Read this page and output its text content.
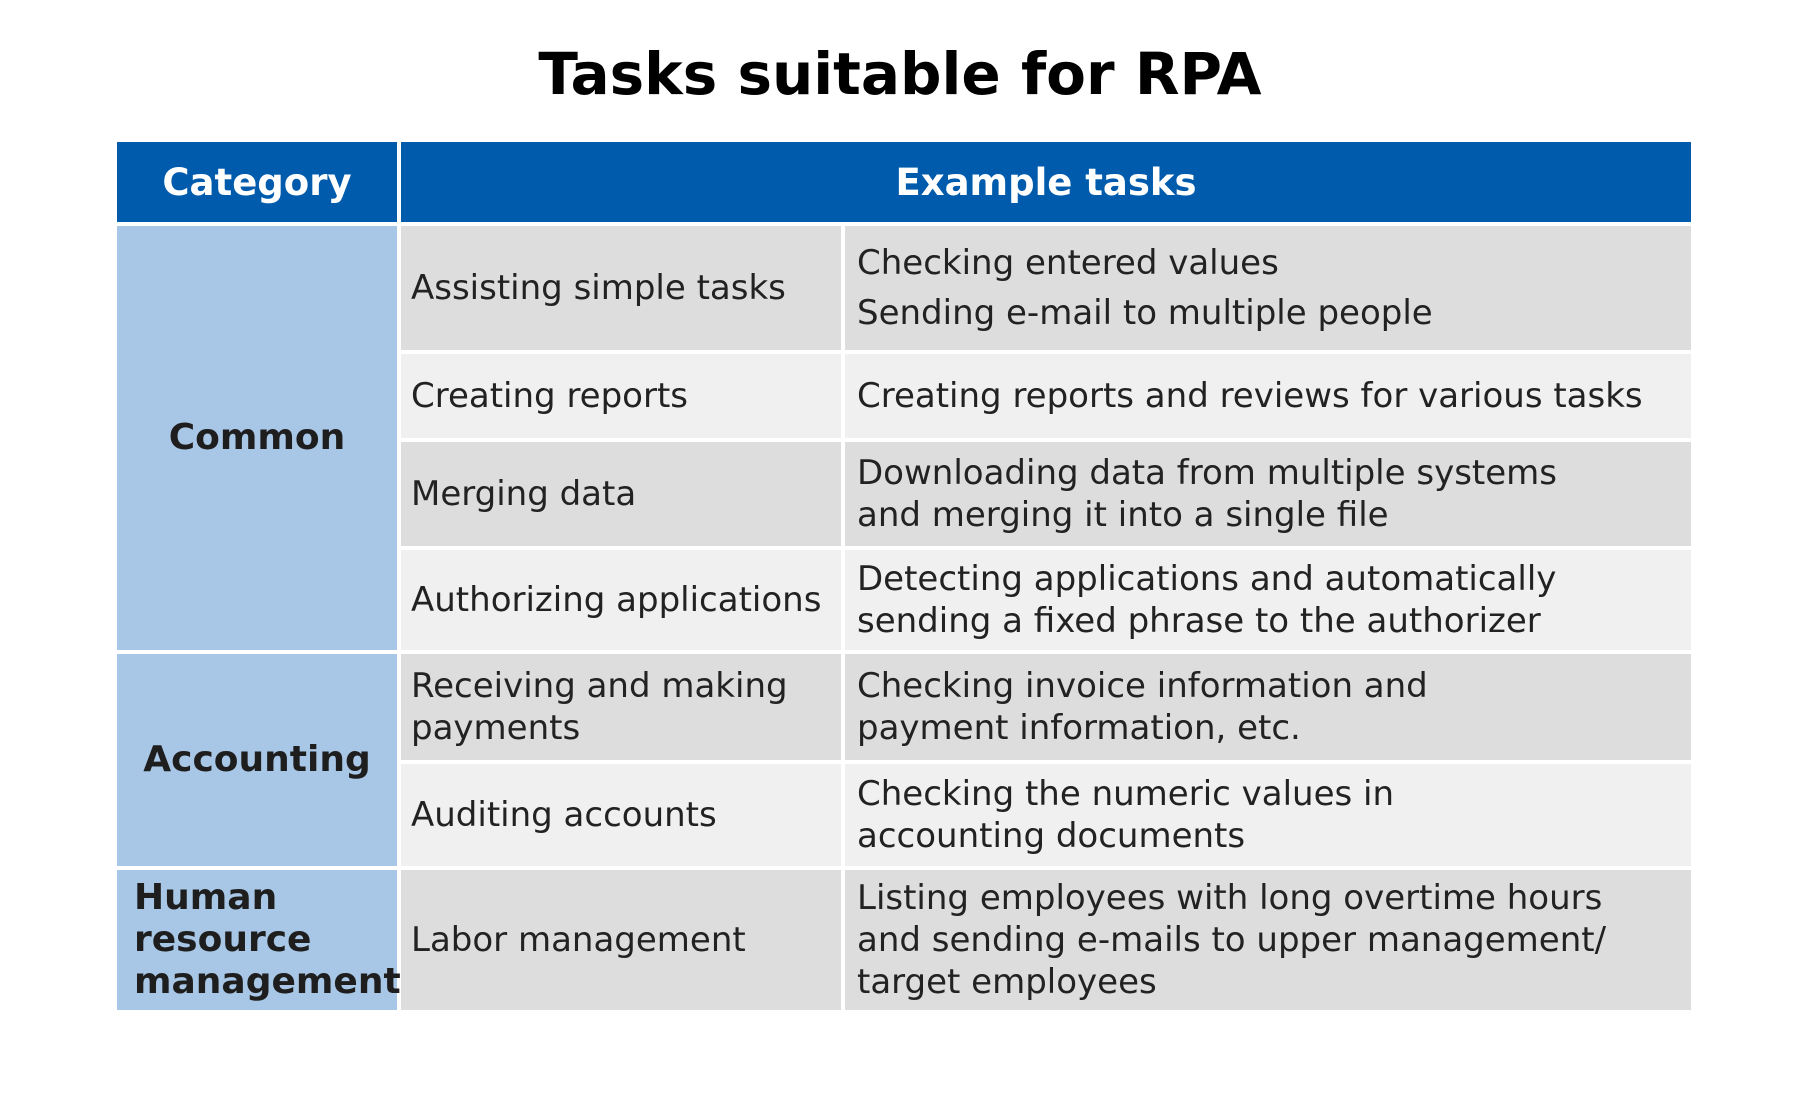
Tasks suitable for RPA
Category	Example tasks
Common
Accounting
Human
resource
management
Assisting simple tasks
Checking entered values
Sending e-mail to multiple people
Creating reports	Creating reports and reviews for various tasks
Merging data
Downloading data from multiple systems
and merging it into a single file
Authorizing applications
Detecting applications and automatically
sending a fixed phrase to the authorizer
Receiving and making
payments
Checking invoice information and
payment information, etc.
Auditing accounts
Checking the numeric values in
accounting documents
Labor management
Listing employees with long overtime hours
and sending e-mails to upper management/
target employees
